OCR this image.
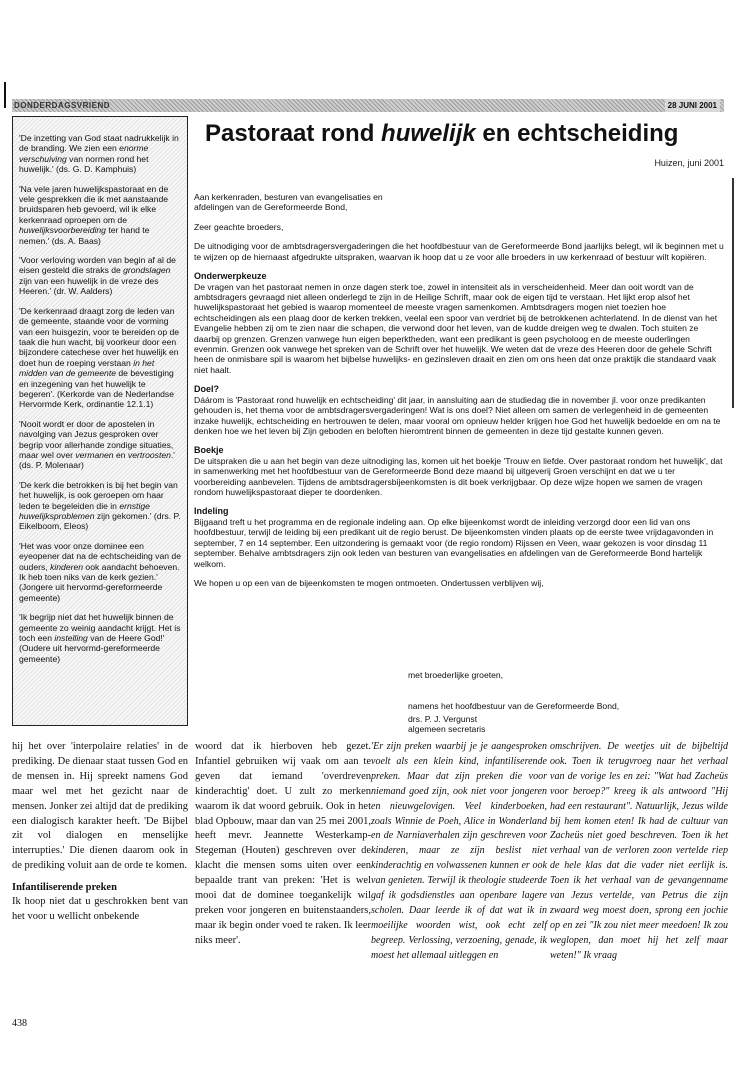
DONDERDAGSVRIEND	28 JUNI 2001
'De inzetting van God staat nadrukkelijk in de branding. We zien een enorme verschuiving van normen rond het huwelijk.' (ds. G. D. Kamphuis)
'Na vele jaren huwelijkspastoraat en de vele gesprekken die ik met aanstaande bruidsparen heb gevoerd, wil ik elke kerkenraad oproepen om de huwelijksvoorbereiding ter hand te nemen.' (ds. A. Baas)
'Voor verloving worden van begin af al de eisen gesteld die straks de grondslagen zijn van een huwelijk in de vreze des Heeren.' (dr. W. Aalders)
'De kerkenraad draagt zorg de leden van de gemeente, staande voor de vorming van een huisgezin, voor te bereiden op de taak die hun wacht, bij voorkeur door een bijzondere catechese over het huwelijk en doet hun de roeping verstaan in het midden van de gemeente de bevestiging en inzegening van het huwelijk te begeren'. (Kerkorde van de Nederlandse Hervormde Kerk, ordinantie 12.1.1)
'Nooit wordt er door de apostelen in navolging van Jezus gesproken over begrip voor allerhande zondige situaties, maar wel over vermanen en vertroosten.' (ds. P. Molenaar)
'De kerk die betrokken is bij het begin van het huwelijk, is ook geroepen om haar leden te begeleiden die in ernstige huwelijksproblemen zijn gekomen.' (drs. P. Eikelboom, Eleos)
'Het was voor onze dominee een eyeopener dat na de echtscheiding van de ouders, kinderen ook aandacht behoeven. Ik heb toen niks van de kerk gezien.' (Jongere uit hervormd-gereformeerde gemeente)
'Ik begrijp niet dat het huwelijk binnen de gemeente zo weinig aandacht krijgt. Het is toch een instelling van de Heere God!' (Oudere uit hervormd-gereformeerde gemeente)
Pastoraat rond huwelijk en echtscheiding
Huizen, juni 2001

Aan kerkenraden, besturen van evangelisaties en afdelingen van de Gereformeerde Bond,

Zeer geachte broeders,

De uitnodiging voor de ambtsdragersvergaderingen die het hoofdbestuur van de Gereformeerde Bond jaarlijks belegt, wil ik beginnen met u te wijzen op de hiernaast afgedrukte uitspraken, waarvan ik hoop dat u ze voor alle broeders in uw kerkenraad of bestuur wilt kopiëren.

Onderwerpkeuze

De vragen van het pastoraat nemen in onze dagen sterk toe, zowel in intensiteit als in verscheidenheid. Meer dan ooit wordt van de ambtsdragers gevraagd niet alleen onderlegd te zijn in de Heilige Schrift, maar ook de eigen tijd te verstaan. Het lijkt erop alsof het huwelijkspastoraat het gebied is waarop momenteel de meeste vragen samenkomen. Ambtsdragers mogen niet toezien hoe echtscheidingen als een plaag door de kerken trekken, veelal een spoor van verdriet bij de betrokkenen achterlatend. In de dienst van het Evangelie hebben zij om te zien naar die schapen, die verwond door het leven, van de kudde dreigen weg te dwalen. Toch stuiten ze daarbij op grenzen. Grenzen vanwege hun eigen beperktheden, want een predikant is geen psycholoog en de meeste ouderlingen evenmin. Grenzen ook vanwege het spreken van de Schrift over het huwelijk. We weten dat de vreze des Heeren door de gehele Schrift heen de onmisbare spil is waarom het bijbelse huwelijks- en gezinsleven draait en zien om ons heen dat onze praktijk die standaard vaak niet haalt.

Doel?

Dáárom is 'Pastoraat rond huwelijk en echtscheiding' dit jaar, in aansluiting aan de studiedag die in november jl. voor onze predikanten gehouden is, het thema voor de ambtsdragersvergaderingen! Wat is ons doel? Niet alleen om samen de verlegenheid in de gemeenten inzake huwelijk, echtscheiding en hertrouwen te delen, maar vooral om opnieuw helder krijgen hoe God het huwelijk bedoelde en om na te denken hoe we het leven bij Zijn geboden en beloften hieromtrent binnen de gemeenten in deze tijd gestalte kunnen geven.

Boekje

De uitspraken die u aan het begin van deze uitnodiging las, komen uit het boekje 'Trouw en liefde. Over pastoraat rondom het huwelijk', dat in samenwerking met het hoofdbestuur van de Gereformeerde Bond deze maand bij uitgeverij Groen verschijnt en dat we u ter voorbereiding aanbevelen. Tijdens de ambtsdragersbijeenkomsten is dit boek verkrijgbaar. Op deze wijze hopen we samen de vragen rondom huwelijkspastoraat dieper te doordenken.

Indeling

Bijgaand treft u het programma en de regionale indeling aan. Op elke bijeenkomst wordt de inleiding verzorgd door een lid van ons hoofdbestuur, terwijl de leiding bij een predikant uit de regio berust. De bijeenkomsten vinden plaats op de eerste twee vrijdagavonden in september, 7 en 14 september. Een uitzondering is gemaakt voor (de regio rondom) Rijssen en Veen, waar gekozen is voor dinsdag 11 september. Behalve ambtsdragers zijn ook leden van besturen van evangelisaties en afdelingen van de Gereformeerde Bond hartelijk welkom.

We hopen u op een van de bijeenkomsten te mogen ontmoeten. Ondertussen verblijven wij,

met broederlijke groeten,
namens het hoofdbestuur van de Gereformeerde Bond,
drs. P. J. Vergunst
algemeen secretaris

hij het over 'interpolaire relaties' in de prediking. De dienaar staat tussen God en de mensen in. Hij spreekt namens God maar wel met het gezicht naar de mensen. Jonker zei altijd dat de prediking een dialogisch karakter heeft. 'De Bijbel zit vol dialogen en menselijke interrupties.' Die dienen daarom ook in de prediking voluit aan de orde te komen.

Infantiliserende preken

Ik hoop niet dat u geschrokken bent van het voor u wellicht onbekende

woord dat ik hierboven heb gezet. Infantiel gebruiken wij vaak om aan te geven dat iemand 'overdreven kinderachtig' doet. U zult zo merken waarom ik dat woord gebruik. Ook in het blad Opbouw, maar dan van 25 mei 2001, heeft mevr. Jeannette Westerkamp-Stegeman (Houten) geschreven over de klacht die mensen soms uiten over een bepaalde trant van preken: 'Het is wel mooi dat de dominee toegankelijk wil preken voor jongeren en buitenstaanders, maar ik begin onder voed te raken. Ik leer niks meer'.

'Er zijn preken waarbij je je aangesproken voelt als een klein kind, infantiliserende preken. Maar dat zijn preken die voor niemand goed zijn, ook niet voor jongeren en nieuwgelovigen. Veel kinderboeken, zoals Winnie de Poeh, Alice in Wonderland en de Narniaverhalen zijn geschreven voor kinderen, maar ze zijn beslist niet kinderachtig en volwassenen kunnen er ook van genieten. Terwijl ik theologie studeerde gaf ik godsdienstles aan openbare lagere scholen. Daar leerde ik of dat wat ik in moeilijke woorden wist, ook echt zelf begreep. Verlossing, verzoening, genade, ik moest het allemaal uitleggen en

omschrijven. De weetjes uit de bijbeltijd ook. Toen ik terugvroeg naar het verhaal van de vorige les en zei: "Wat had Zacheüs voor beroep?" kreeg ik als antwoord "Hij had een restaurant". Natuurlijk, Jezus wilde bij hem komen eten! Ik had de cultuur van Zacheüs niet goed beschreven. Toen ik het verhaal van de verloren zoon vertelde riep de hele klas dat die vader niet eerlijk is. Toen ik het verhaal van de gevangenname van Jezus vertelde, van Petrus die zijn zwaard weg moest doen, sprong een jochie op en zei "Ik zou niet meer meedoen! Ik zou weglopen, dan moet hij het zelf maar weten!" Ik vraag

438
